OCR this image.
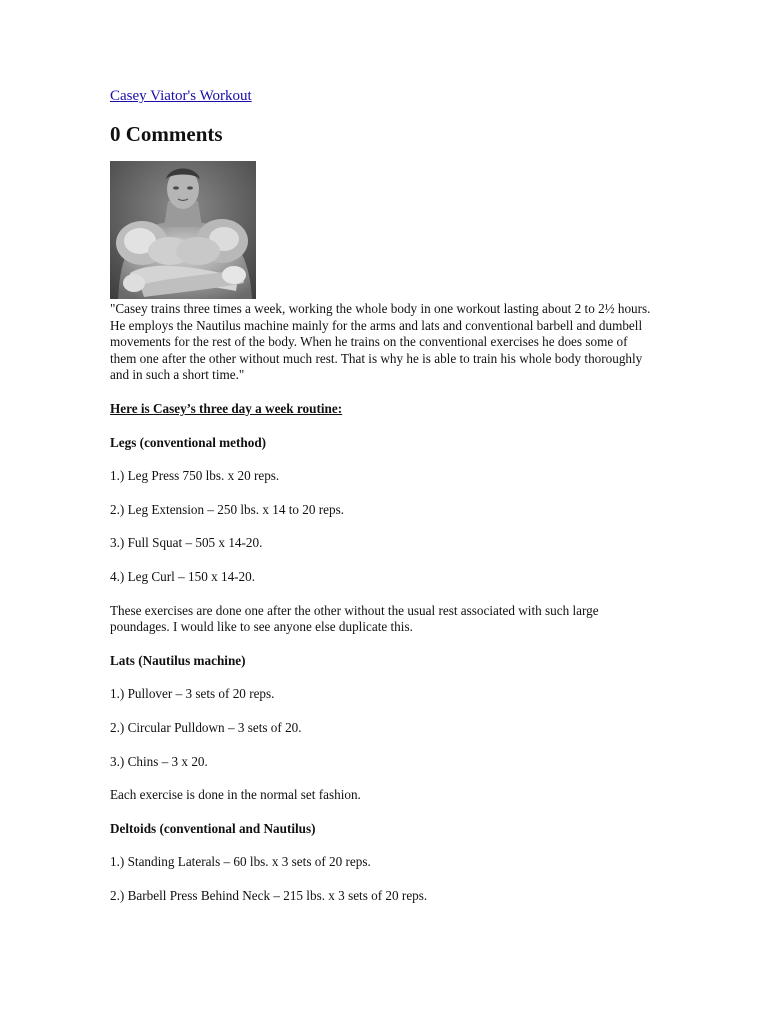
Casey Viator's Workout
0 Comments

"Casey trains three times a week, working the whole body in one workout lasting about 2 to 2½ hours. He employs the Nautilus machine mainly for the arms and lats and conventional barbell and dumbell movements for the rest of the body. When he trains on the conventional exercises he does some of them one after the other without much rest. That is why he is able to train his whole body thoroughly and in such a short time."

Here is Casey’s three day a week routine:

Legs (conventional method)

1.) Leg Press 750 lbs. x 20 reps.

2.) Leg Extension – 250 lbs. x 14 to 20 reps.

3.) Full Squat – 505 x 14-20.

4.) Leg Curl – 150 x 14-20.

These exercises are done one after the other without the usual rest associated with such large poundages. I would like to see anyone else duplicate this.

Lats (Nautilus machine)

1.) Pullover – 3 sets of 20 reps.

2.) Circular Pulldown – 3 sets of 20.

3.) Chins – 3 x 20.

Each exercise is done in the normal set fashion.

Deltoids (conventional and Nautilus)

1.) Standing Laterals – 60 lbs. x 3 sets of 20 reps.

2.) Barbell Press Behind Neck – 215 lbs. x 3 sets of 20 reps.
